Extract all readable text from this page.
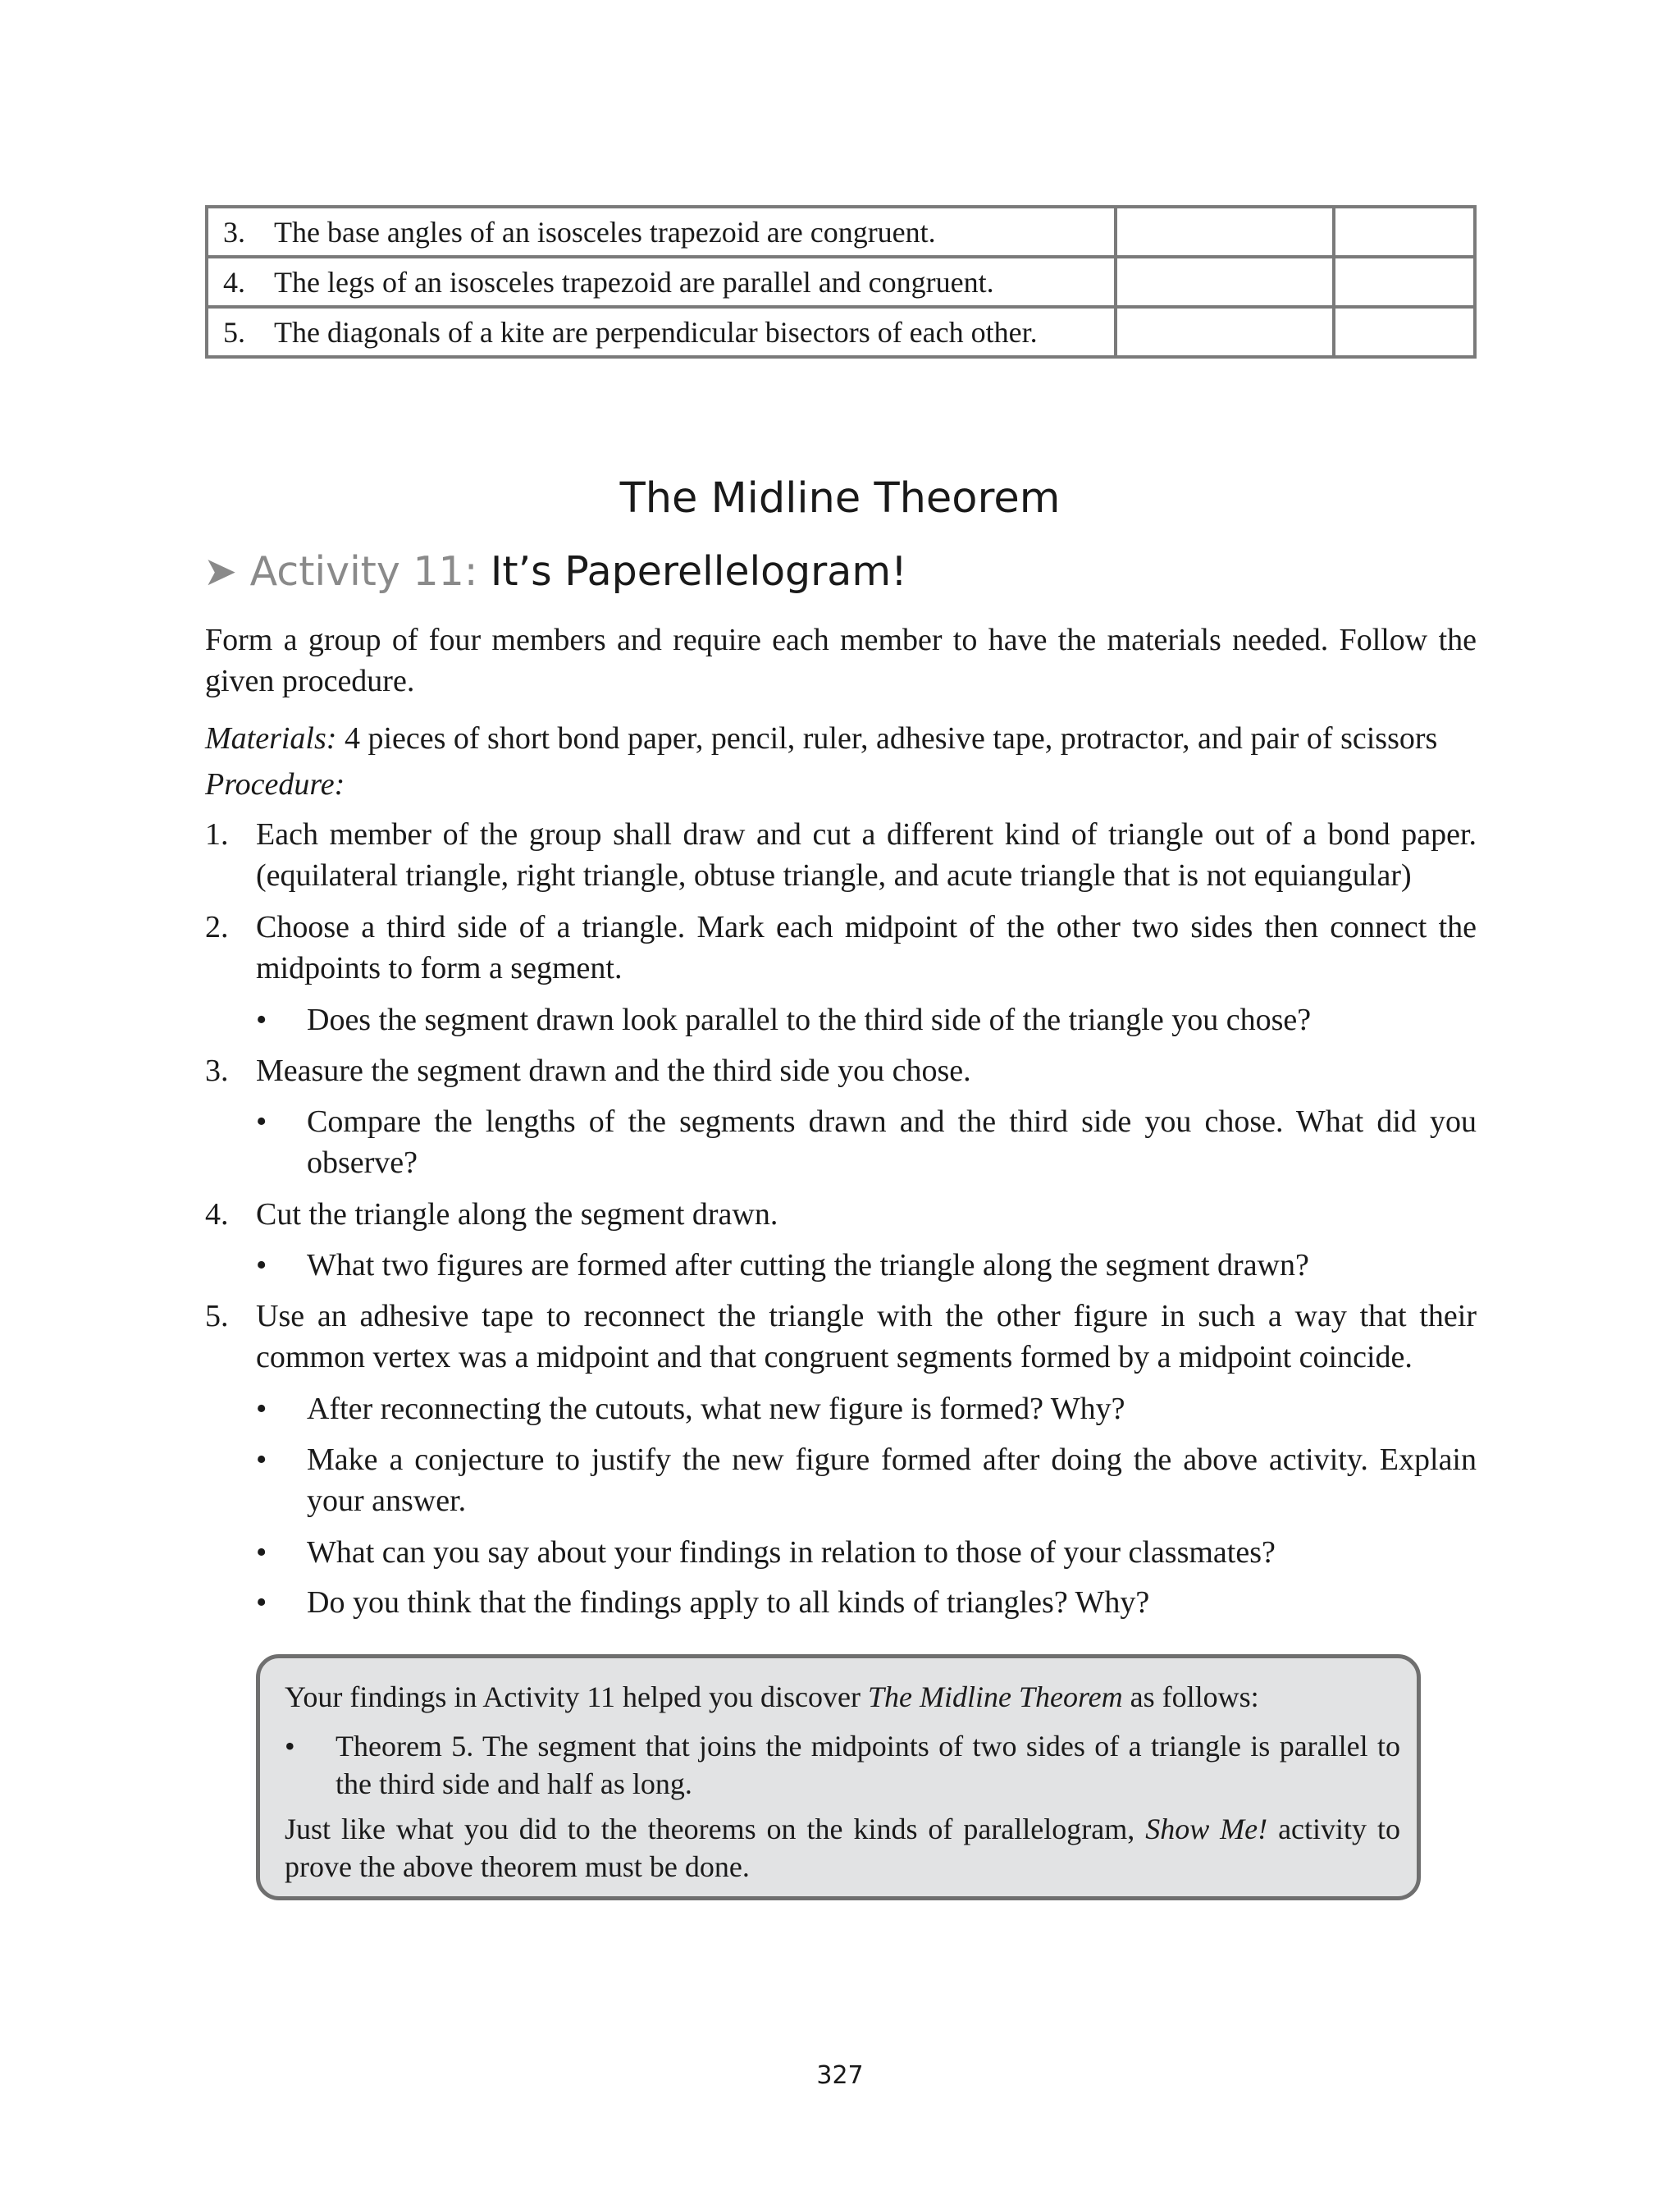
3. The base angles of an isosceles trapezoid are congruent.		
4. The legs of an isosceles trapezoid are parallel and congruent.		
5. The diagonals of a kite are perpendicular bisectors of each other.		
The Midline Theorem
➤ Activity 11: It’s Paperellelogram!

Form a group of four members and require each member to have the materials needed. Follow the given procedure.

Materials: 4 pieces of short bond paper, pencil, ruler, adhesive tape, protractor, and pair of scissors

Procedure:

1. Each member of the group shall draw and cut a different kind of triangle out of a bond paper. (equilateral triangle, right triangle, obtuse triangle, and acute triangle that is not equiangular)
2. Choose a third side of a triangle. Mark each midpoint of the other two sides then connect the midpoints to form a segment.
• Does the segment drawn look parallel to the third side of the triangle you chose?
3. Measure the segment drawn and the third side you chose.
• Compare the lengths of the segments drawn and the third side you chose. What did you observe?
4. Cut the triangle along the segment drawn.
• What two figures are formed after cutting the triangle along the segment drawn?
5. Use an adhesive tape to reconnect the triangle with the other figure in such a way that their common vertex was a midpoint and that congruent segments formed by a midpoint coincide.
• After reconnecting the cutouts, what new figure is formed? Why?
• Make a conjecture to justify the new figure formed after doing the above activity. Explain your answer.
• What can you say about your findings in relation to those of your classmates?
• Do you think that the findings apply to all kinds of triangles? Why?

Your findings in Activity 11 helped you discover The Midline Theorem as follows:

• Theorem 5. The segment that joins the midpoints of two sides of a triangle is parallel to the third side and half as long.

Just like what you did to the theorems on the kinds of parallelogram, Show Me! activity to prove the above theorem must be done.

327
